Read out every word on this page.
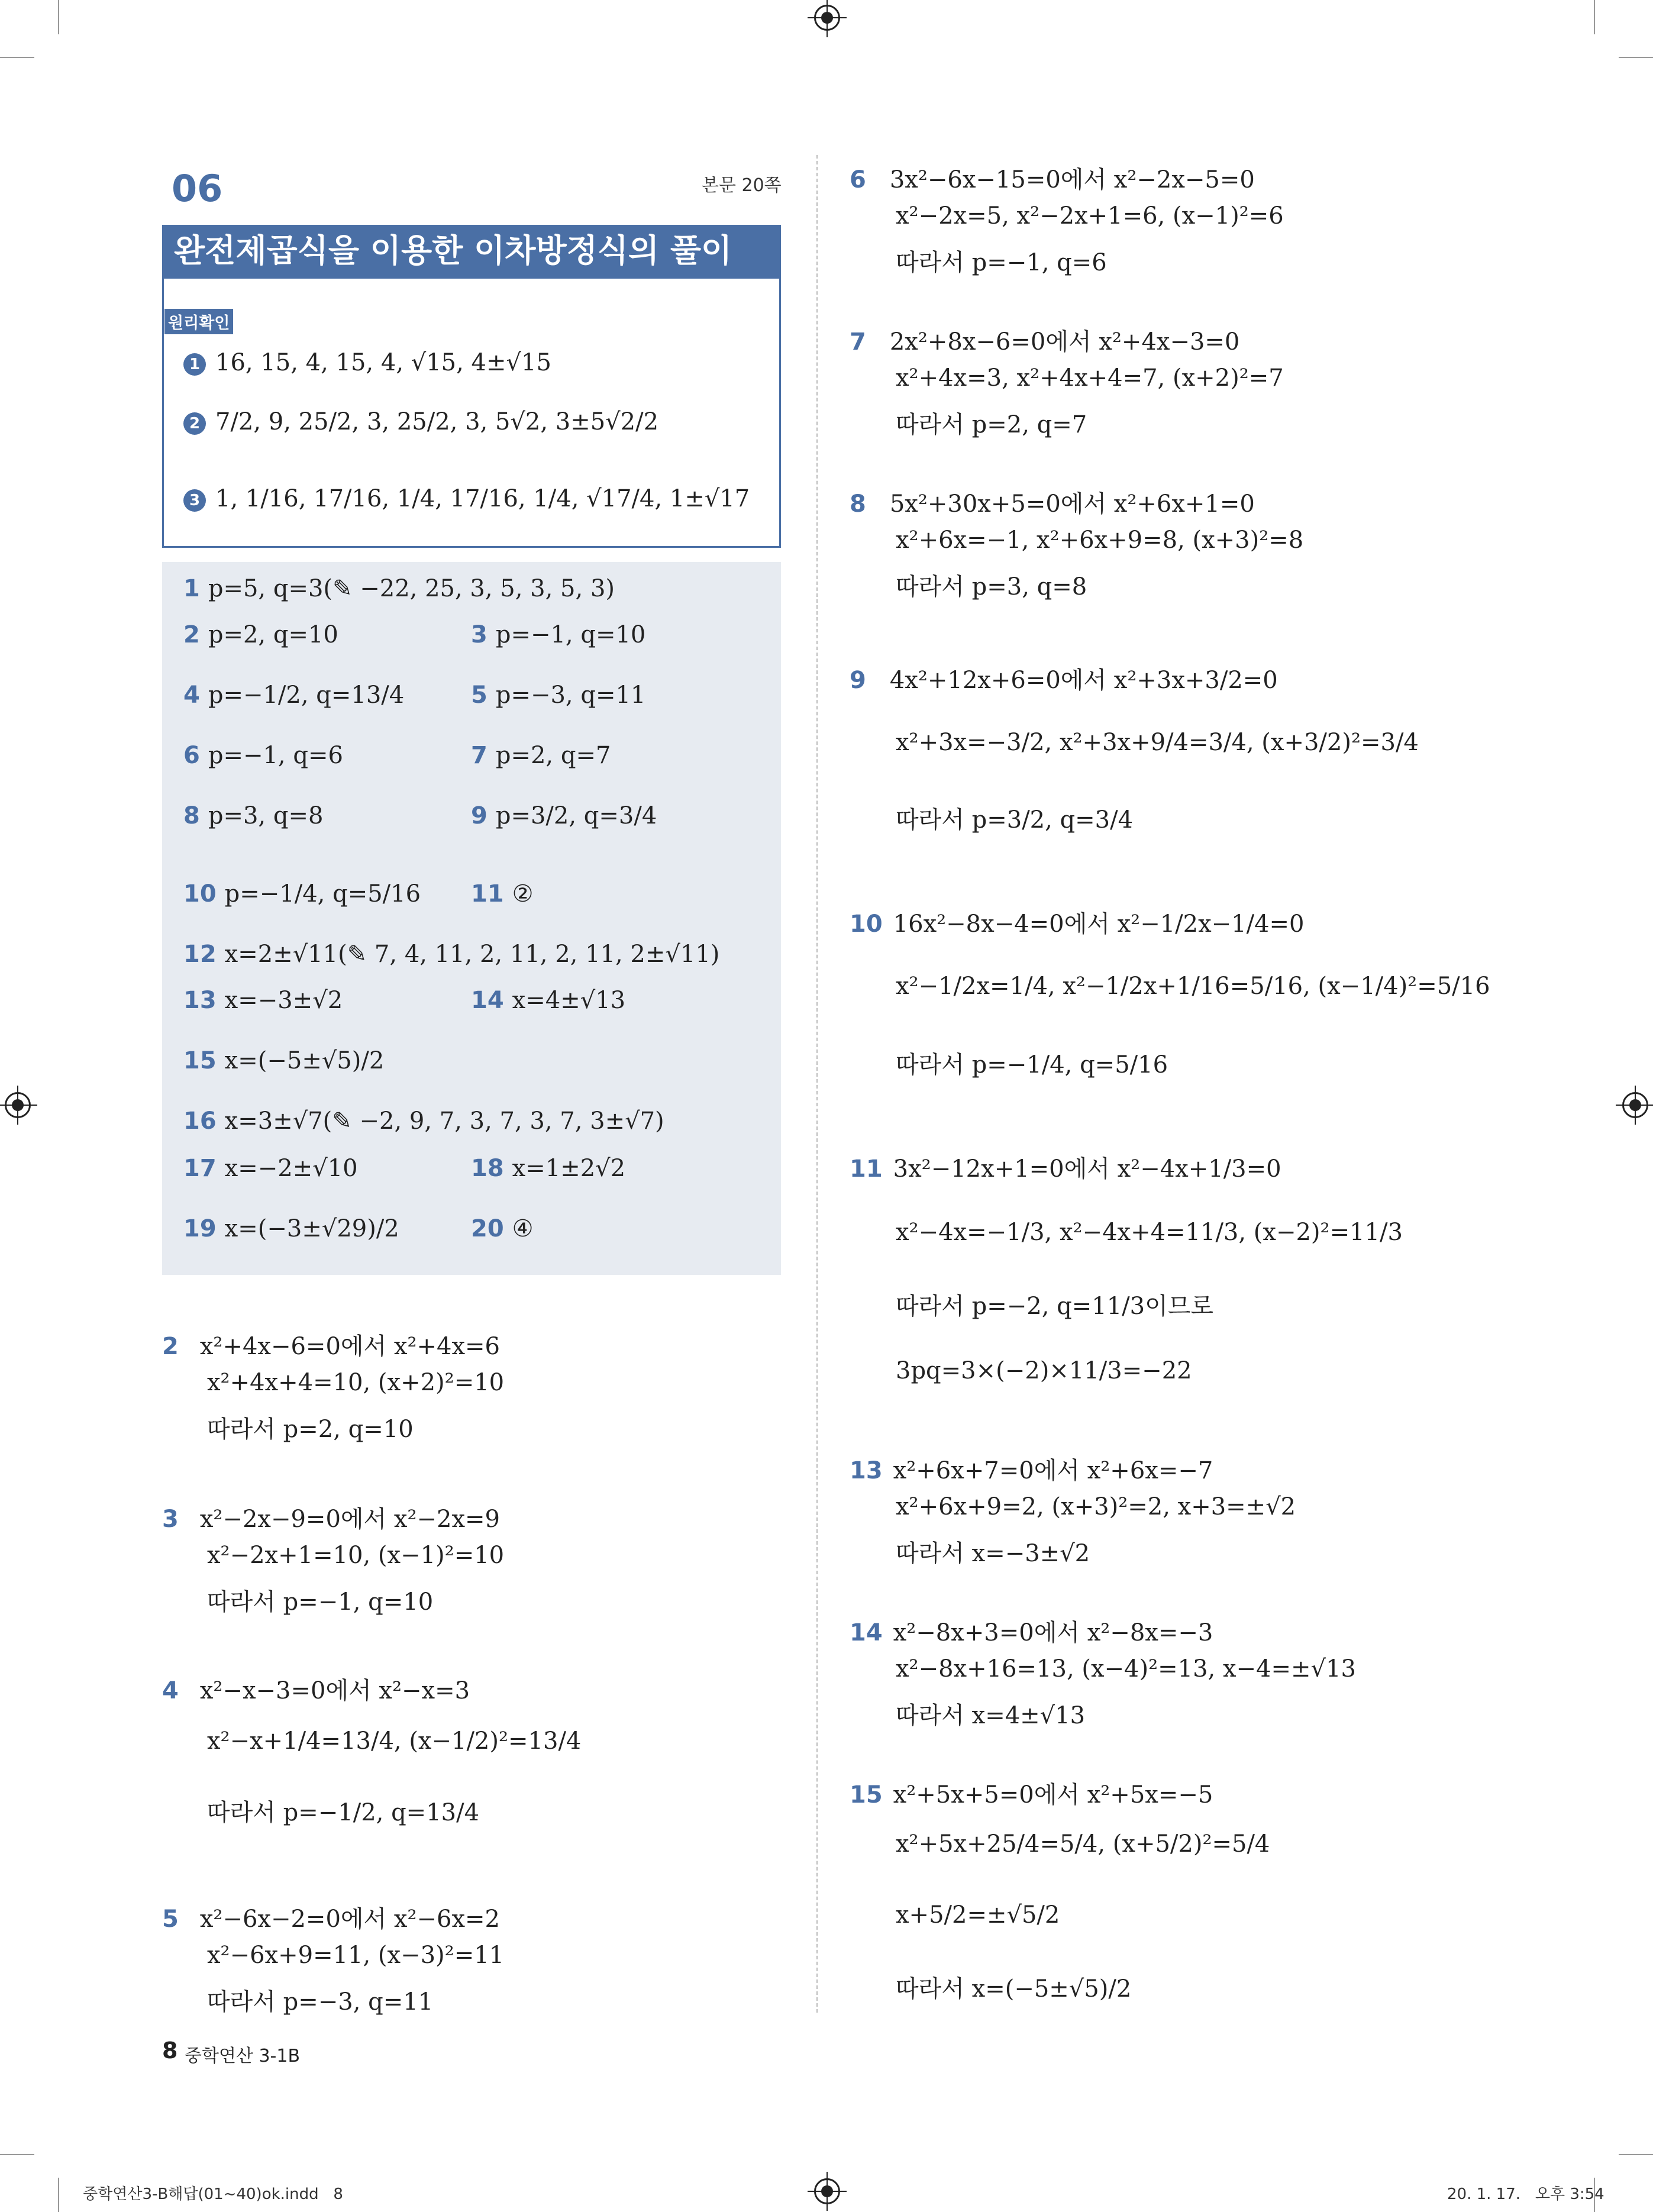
06	본문 20쪽
완전제곱식을 이용한 이차방정식의 풀이
원리확인
1 16, 15, 4, 15, 4, √15, 4±√15
2 7/2, 9, 25/2, 3, 25/2, 3, 5√2, 3±5√2/2
3 1, 1/16, 17/16, 1/4, 17/16, 1/4, √17/4, 1±√17
1 p=5, q=3(✎ −22, 25, 3, 5, 3, 5, 3)
2 p=2, q=10	3 p=−1, q=10
4 p=−1/2, q=13/4	5 p=−3, q=11
6 p=−1, q=6	7 p=2, q=7
8 p=3, q=8	9 p=3/2, q=3/4
10 p=−1/4, q=5/16 11 ②
12 x=2±√11(✎ 7, 4, 11, 2, 11, 2, 11, 2±√11)
13 x=−3±√2	14 x=4±√13
15 x=(−5±√5)/2
16 x=3±√7(✎ −2, 9, 7, 3, 7, 3, 7, 3±√7)
17 x=−2±√10	18 x=1±2√2
19 x=(−3±√29)/2	20 ④
2 x²+4x−6=0에서 x²+4x=6
x²+4x+4=10, (x+2)²=10
따라서 p=2, q=10
3 x²−2x−9=0에서 x²−2x=9
x²−2x+1=10, (x−1)²=10
따라서 p=−1, q=10
4 x²−x−3=0에서 x²−x=3
x²−x+1/4=13/4, (x−1/2)²=13/4
따라서 p=−1/2, q=13/4
5 x²−6x−2=0에서 x²−6x=2
x²−6x+9=11, (x−3)²=11
따라서 p=−3, q=11
6 3x²−6x−15=0에서 x²−2x−5=0
x²−2x=5, x²−2x+1=6, (x−1)²=6
따라서 p=−1, q=6
7 2x²+8x−6=0에서 x²+4x−3=0
x²+4x=3, x²+4x+4=7, (x+2)²=7
따라서 p=2, q=7
8 5x²+30x+5=0에서 x²+6x+1=0
x²+6x=−1, x²+6x+9=8, (x+3)²=8
따라서 p=3, q=8
9 4x²+12x+6=0에서 x²+3x+3/2=0
x²+3x=−3/2, x²+3x+9/4=3/4, (x+3/2)²=3/4
따라서 p=3/2, q=3/4
10 16x²−8x−4=0에서 x²−1/2x−1/4=0
x²−1/2x=1/4, x²−1/2x+1/16=5/16, (x−1/4)²=5/16
따라서 p=−1/4, q=5/16
11 3x²−12x+1=0에서 x²−4x+1/3=0
x²−4x=−1/3, x²−4x+4=11/3, (x−2)²=11/3
따라서 p=−2, q=11/3이므로
3pq=3×(−2)×11/3=−22
13 x²+6x+7=0에서 x²+6x=−7
x²+6x+9=2, (x+3)²=2, x+3=±√2
따라서 x=−3±√2
14 x²−8x+3=0에서 x²−8x=−3
x²−8x+16=13, (x−4)²=13, x−4=±√13
따라서 x=4±√13
15 x²+5x+5=0에서 x²+5x=−5
x²+5x+25/4=5/4, (x+5/2)²=5/4
x+5/2=±√5/2
따라서 x=(−5±√5)/2
8 중학연산 3-1B
중학연산3-B해답(01~40)ok.indd   8	20. 1. 17.   오후 3:54
